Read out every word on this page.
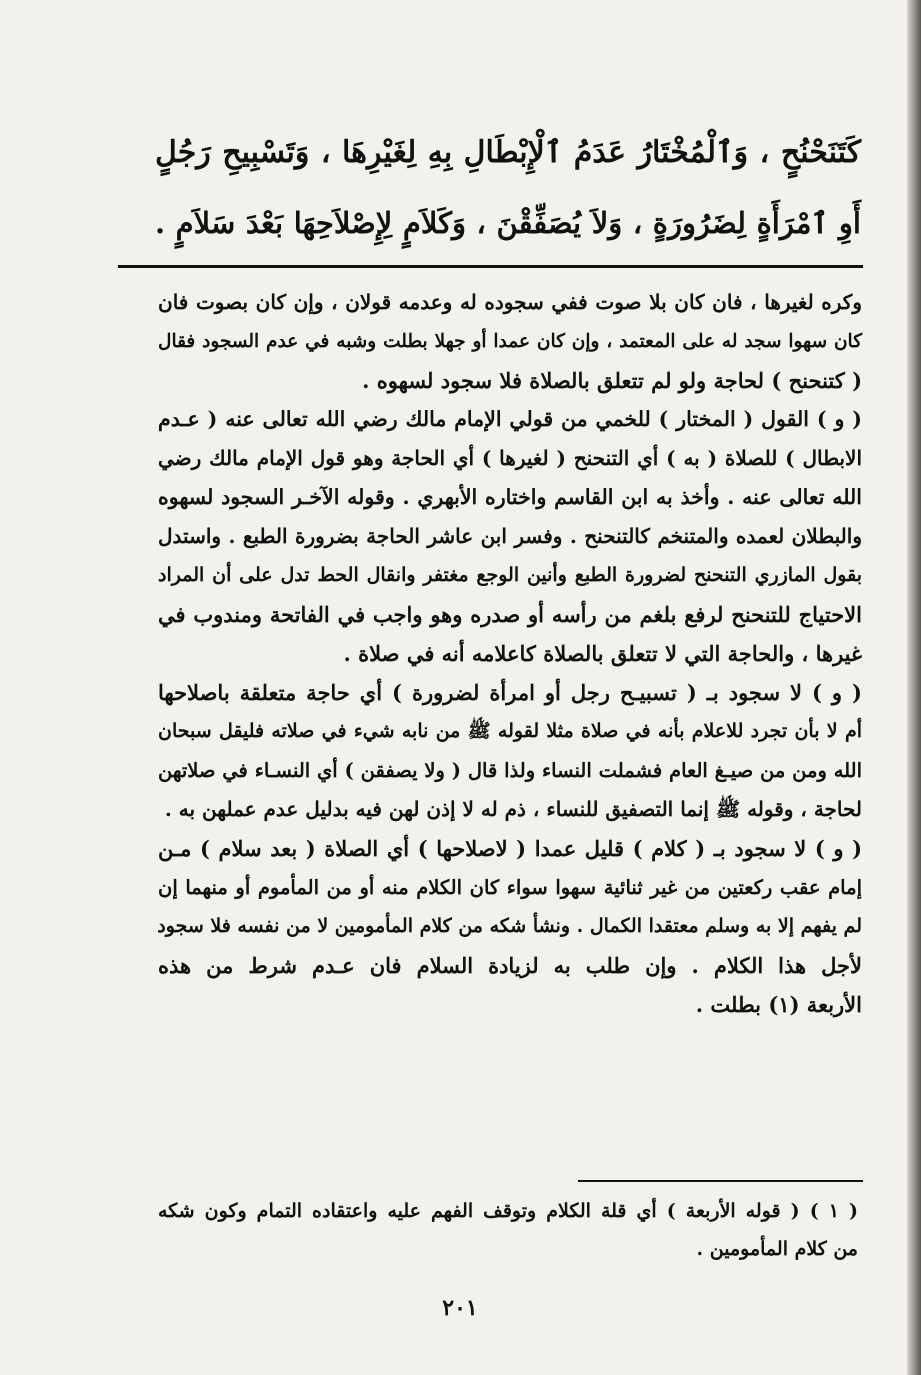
كَتَنَحْنُحٍ ، وَٱلْمُخْتَارُ عَدَمُ ٱلْإِبْطَالِ بِهِ لِغَيْرِهَا ، وَتَسْبِيحِ رَجُلٍ
أَوِ ٱمْرَأَةٍ لِضَرُورَةٍ ، وَلاَ يُصَفِّقْنَ ، وَكَلاَمٍ لِإِصْلاَحِهَا بَعْدَ سَلاَمٍ .
وكره لغيرها ، فان كان بلا صوت ففي سجوده له وعدمه قولان ، وإن كان بصوت فان
كان سهوا سجد له على المعتمد ، وإن كان عمدا أو جهلا بطلت وشبه في عدم السجود فقال
( كتنحنح ) لحاجة ولو لم تتعلق بالصلاة فلا سجود لسهوه .
( و ) القول ( المختار ) للخمي من قولي الإمام مالك رضي الله تعالى عنه ( عـدم
الابطال ) للصلاة ( به ) أي التنحنح ( لغيرها ) أي الحاجة وهو قول الإمام مالك رضي
الله تعالى عنه . وأخذ به ابن القاسم واختاره الأبهري . وقوله الآخـر السجود لسهوه
والبطلان لعمده والمتنخم كالتنحنح . وفسر ابن عاشر الحاجة بضرورة الطبع . واستدل
بقول المازري التنحنح لضرورة الطبع وأنين الوجع مغتفر وانقال الحط تدل على أن المراد
الاحتياج للتنحنح لرفع بلغم من رأسه أو صدره وهو واجب في الفاتحة ومندوب في
غيرها ، والحاجة التي لا تتعلق بالصلاة كاعلامه أنه في صلاة .
( و ) لا سجود بـ ( تسبيـح رجل أو امرأة لضرورة ) أي حاجة متعلقة باصلاحها
أم لا بأن تجرد للاعلام بأنه في صلاة مثلا لقوله ﷺ من نابه شيء في صلاته فليقل سبحان
الله ومن من صيـغ العام فشملت النساء ولذا قال ( ولا يصفقن ) أي النسـاء في صلاتهن
لحاجة ، وقوله ﷺ إنما التصفيق للنساء ، ذم له لا إذن لهن فيه بدليل عدم عملهن به .
( و ) لا سجود بـ ( كلام ) قليل عمدا ( لاصلاحها ) أي الصلاة ( بعد سلام ) مـن
إمام عقب ركعتين من غير ثنائية سهوا سواء كان الكلام منه أو من المأموم أو منهما إن
لم يفهم إلا به وسلم معتقدا الكمال . ونشأ شكه من كلام المأمومين لا من نفسه فلا سجود
لأجل هذا الكلام . وإن طلب به لزيادة السلام فان عـدم شرط من هذه
الأربعة (١) بطلت .
( ١ ) ( قوله الأربعة ) أي قلة الكلام وتوقف الفهم عليه واعتقاده التمام وكون شكه
من كلام المأمومين .
٢٠١
